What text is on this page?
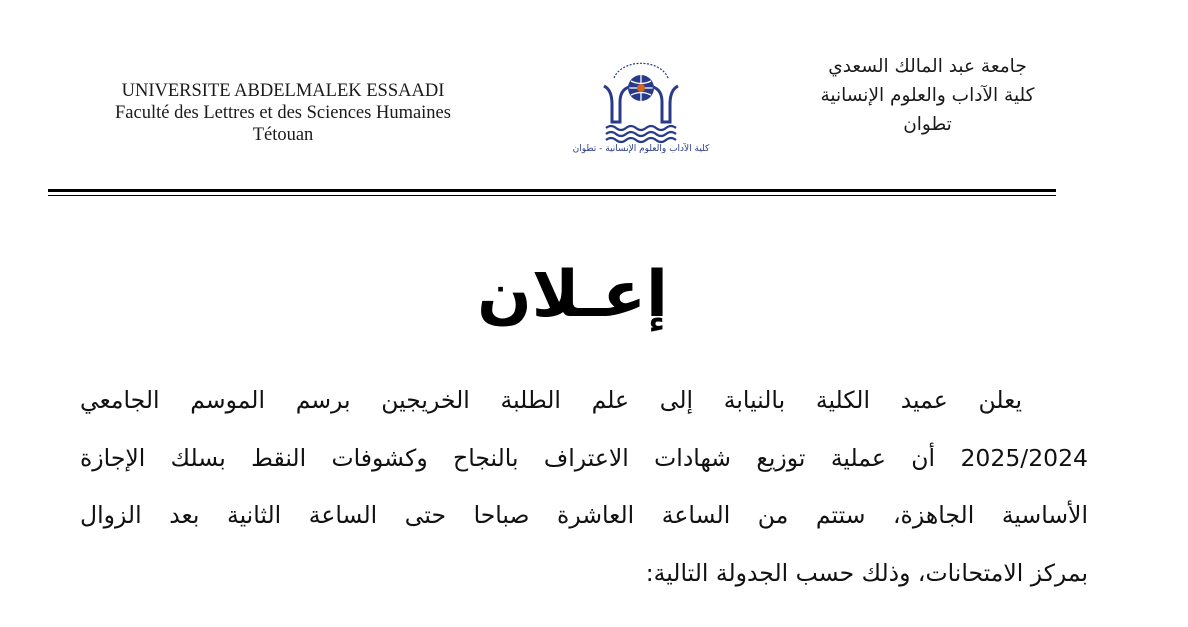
UNIVERSITE ABDELMALEK ESSAADI
Faculté des Lettres et des Sciences Humaines
Tétouan
كلية الآداب والعلوم الإنسانية - تطوان
جامعة عبد المالك السعدي
كلية الآداب والعلوم الإنسانية
تطوان
إعـلان
يعلن عميد الكلية بالنيابة إلى علم الطلبة الخريجين برسم الموسم الجامعي
2025/2024 أن عملية توزيع شهادات الاعتراف بالنجاح وكشوفات النقط بسلك الإجازة
الأساسية الجاهزة، ستتم من الساعة العاشرة صباحا حتى الساعة الثانية بعد الزوال
بمركز الامتحانات، وذلك حسب الجدولة التالية:
